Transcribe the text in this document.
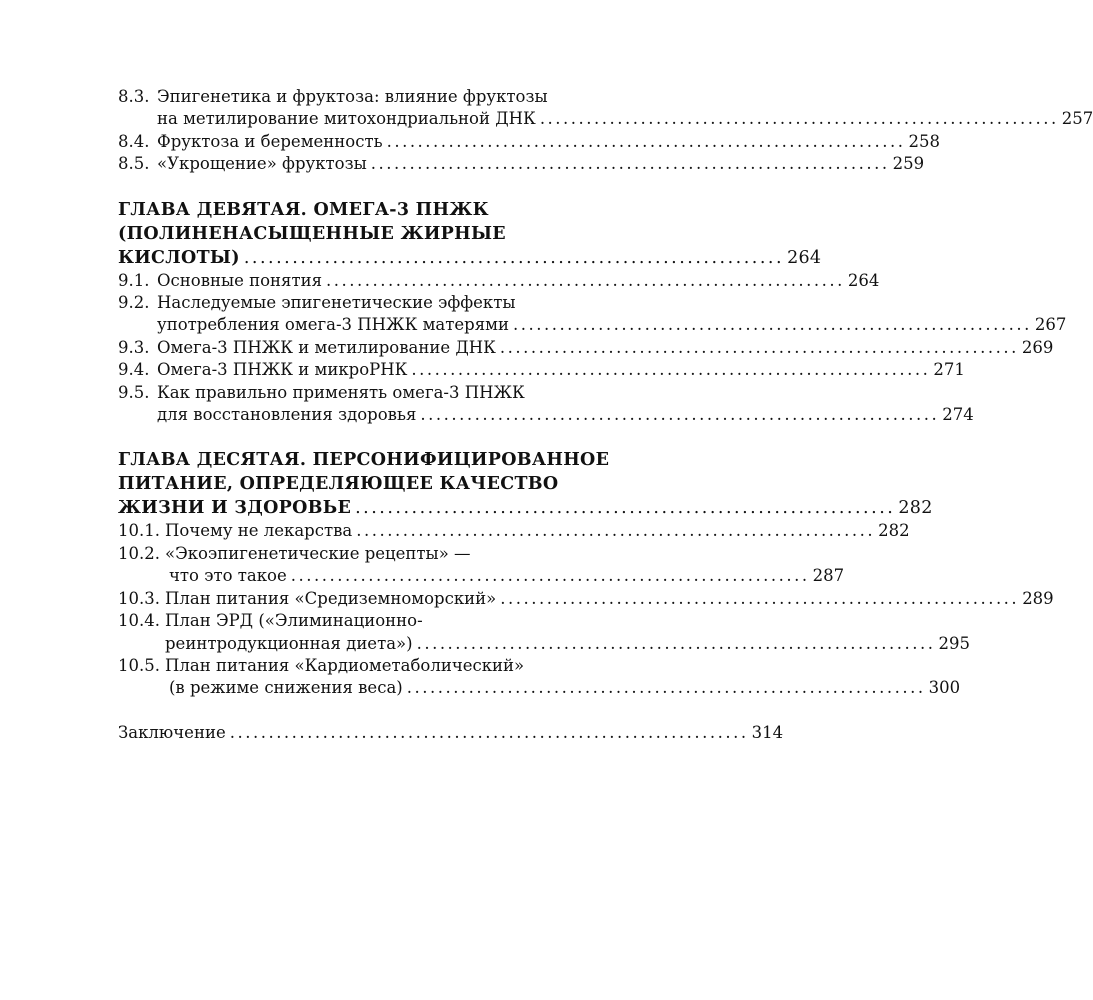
8.3. Эпигенетика и фруктоза: влияние фруктозы
на метилирование митохондриальной ДНК ................................................................... 257
8.4. Фруктоза и беременность ................................................................... 258
8.5. «Укрощение» фруктозы ................................................................... 259
ГЛАВА ДЕВЯТАЯ. ОМЕГА-3 ПНЖК
(ПОЛИНЕНАСЫЩЕННЫЕ ЖИРНЫЕ
КИСЛОТЫ) ................................................................... 264
9.1. Основные понятия ................................................................... 264
9.2. Наследуемые эпигенетические эффекты
употребления омега-3 ПНЖК матерями ................................................................... 267
9.3. Омега-3 ПНЖК и метилирование ДНК ................................................................... 269
9.4. Омега-3 ПНЖК и микроРНК ................................................................... 271
9.5. Как правильно применять омега-3 ПНЖК
для восстановления здоровья ................................................................... 274
ГЛАВА ДЕСЯТАЯ. ПЕРСОНИФИЦИРОВАННОЕ
ПИТАНИЕ, ОПРЕДЕЛЯЮЩЕЕ КАЧЕСТВО
ЖИЗНИ И ЗДОРОВЬЕ ................................................................... 282
10.1. Почему не лекарства ................................................................... 282
10.2. «Экоэпигенетические рецепты» —
что это такое ................................................................... 287
10.3. План питания «Средиземноморский» ................................................................... 289
10.4. План ЭРД («Элиминационно-
реинтродукционная диета») ................................................................... 295
10.5. План питания «Кардиометаболический»
(в режиме снижения веса) ................................................................... 300
Заключение ................................................................... 314
